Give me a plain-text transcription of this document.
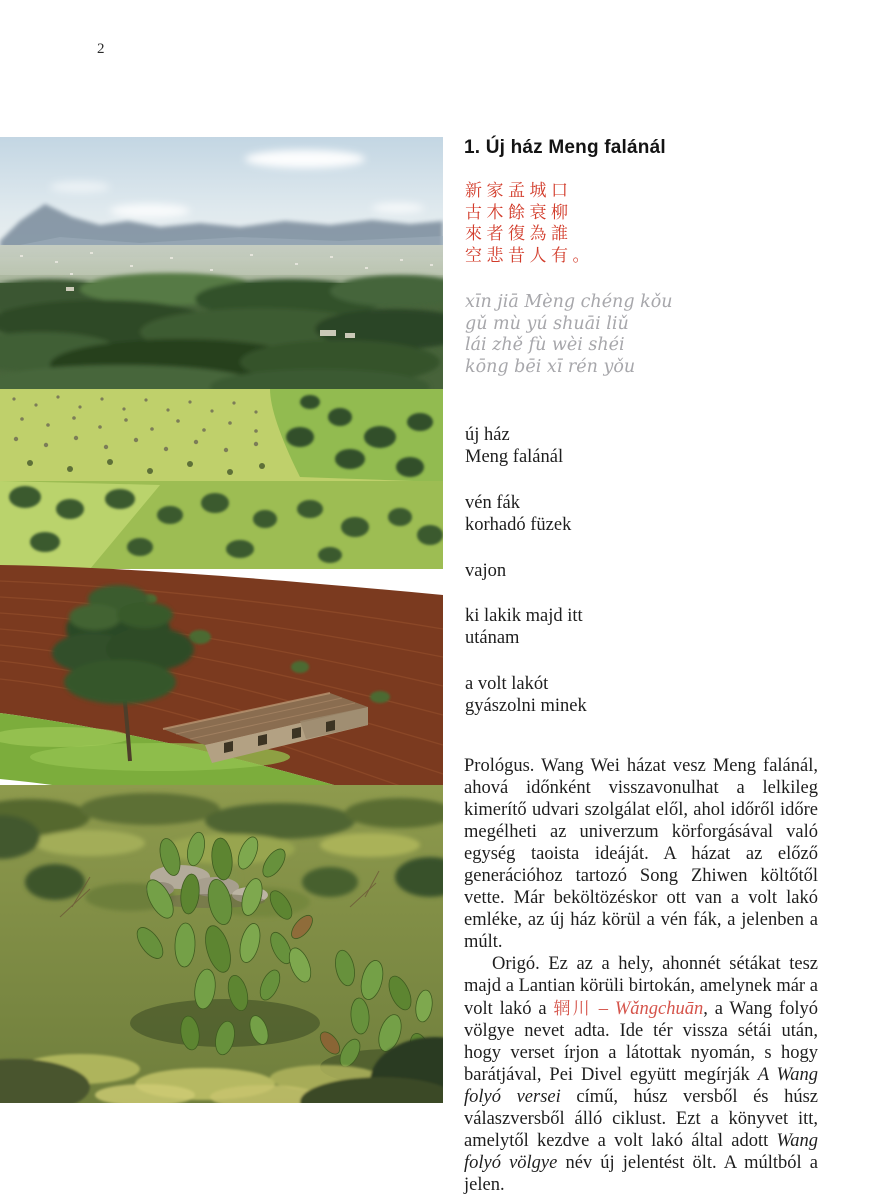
2
1. Új ház Meng falánál
新家孟城口
古木餘衰柳
來者復為誰
空悲昔人有。
xīn jiā Mèng chéng kǒu
gǔ mù yú shuāi liǔ
lái zhě fù wèi shéi
kōng bēi xī rén yǒu
új ház
Meng falánál
vén fák
korhadó füzek
vajon
ki lakik majd itt
utánam
a volt lakót
gyászolni minek

Prológus. Wang Wei házat vesz Meng falánál, ahová időnként visszavonulhat a lelkileg kimerítő udvari szolgálat elől, ahol időről időre megélheti az univerzum körforgásával való egység taoista ideáját. A házat az előző generációhoz tartozó Song Zhiwen költőtől vette. Már beköltözéskor ott van a volt lakó emléke, az új ház körül a vén fák, a jelenben a múlt.

Origó. Ez az a hely, ahonnét sétákat tesz majd a Lantian körüli birtokán, amelynek már a volt lakó a 辋川 – Wǎngchuān, a Wang folyó völgye nevet adta. Ide tér vissza sétái után, hogy verset írjon a látottak nyomán, s hogy barátjával, Pei Divel együtt megírják A Wang folyó versei című, húsz versből és húsz válaszversből álló ciklust. Ezt a könyvet itt, amelytől kezdve a volt lakó által adott Wang folyó völgye név új jelentést ölt. A múltból a jelen.
